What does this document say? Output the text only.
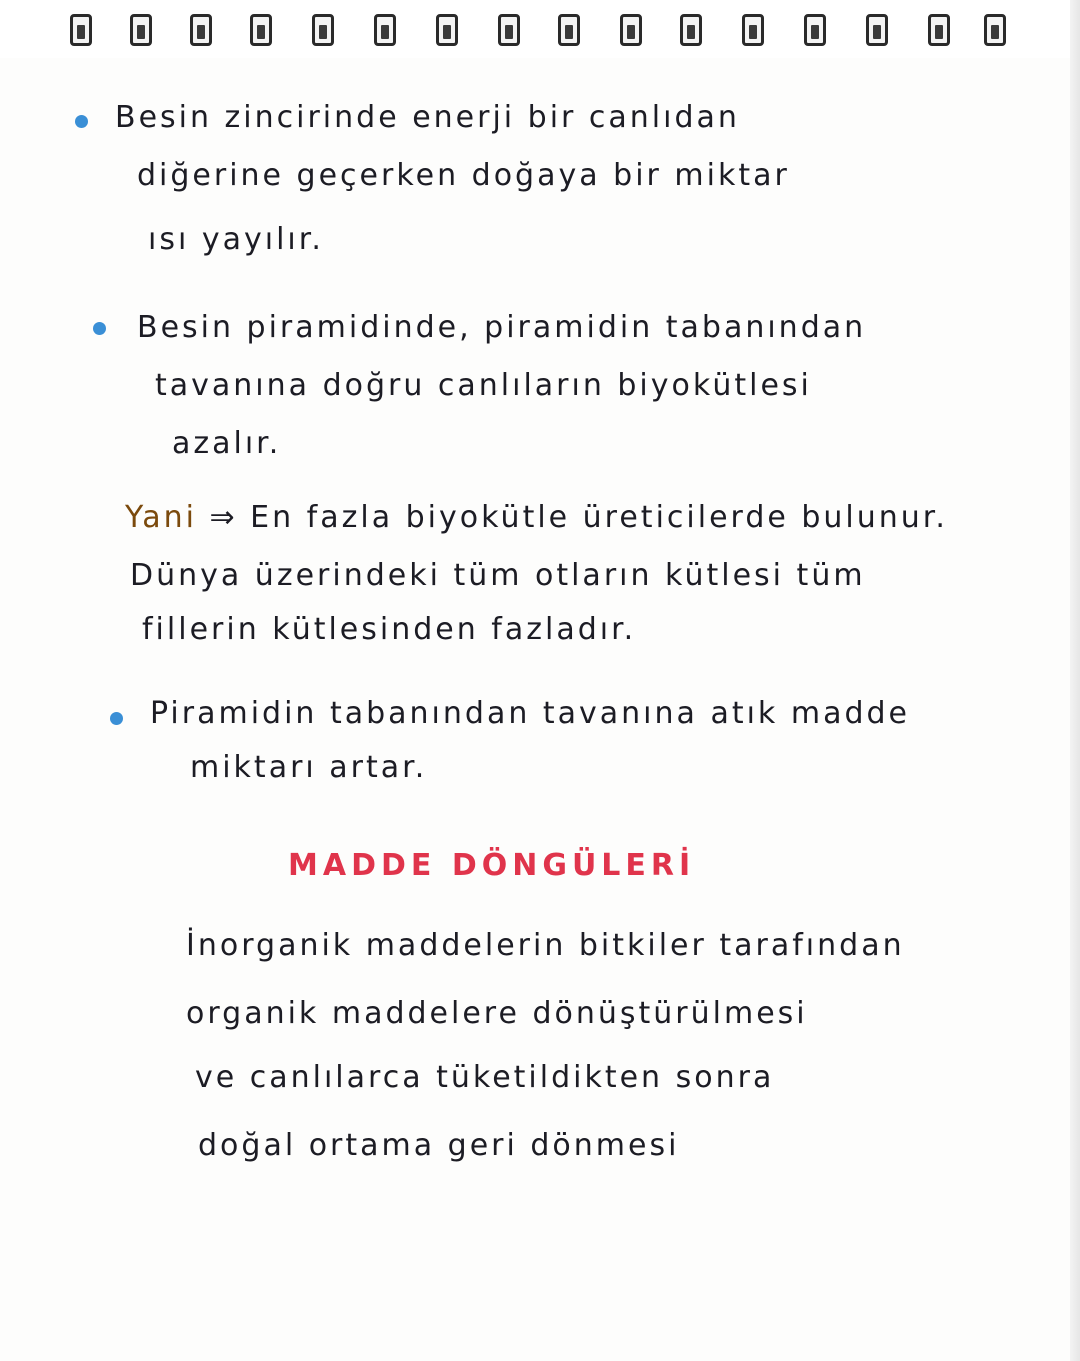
Besin zincirinde enerji bir canlıdan
diğerine geçerken doğaya bir miktar
ısı yayılır.
Besin piramidinde, piramidin tabanından
tavanına doğru canlıların biyokütlesi
azalır.
Yani ⇒ En fazla biyokütle üreticilerde bulunur.
Dünya üzerindeki tüm otların kütlesi tüm
fillerin kütlesinden fazladır.
Piramidin tabanından tavanına atık madde
miktarı artar.
MADDE DÖNGÜLERİ
İnorganik maddelerin bitkiler tarafından
organik maddelere dönüştürülmesi
ve canlılarca tüketildikten sonra
doğal ortama geri dönmesi
